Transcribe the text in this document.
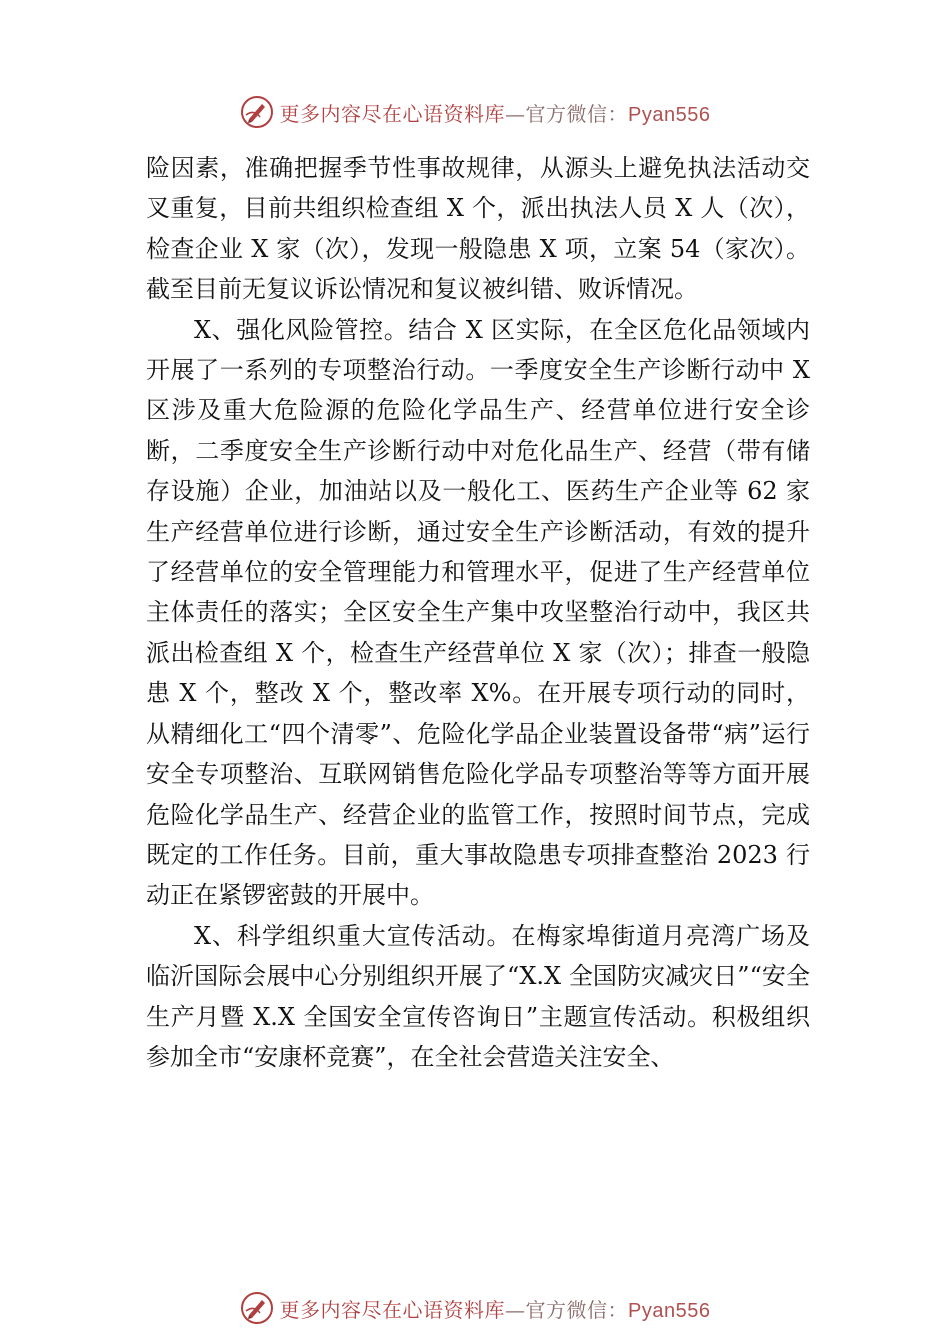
更多内容尽在心语资料库—官方微信：Pyan556

险因素，准确把握季节性事故规律，从源头上避免执法活动交叉重复，目前共组织检查组 X 个，派出执法人员 X 人（次），检查企业 X 家（次），发现一般隐患 X 项，立案 54（家次）。截至目前无复议诉讼情况和复议被纠错、败诉情况。

X、强化风险管控。结合 X 区实际，在全区危化品领域内开展了一系列的专项整治行动。一季度安全生产诊断行动中 X 区涉及重大危险源的危险化学品生产、经营单位进行安全诊断，二季度安全生产诊断行动中对危化品生产、经营（带有储存设施）企业，加油站以及一般化工、医药生产企业等 62 家生产经营单位进行诊断，通过安全生产诊断活动，有效的提升了经营单位的安全管理能力和管理水平，促进了生产经营单位主体责任的落实；全区安全生产集中攻坚整治行动中，我区共派出检查组 X 个，检查生产经营单位 X 家（次）；排查一般隐患 X 个，整改 X 个，整改率 X%。在开展专项行动的同时，从精细化工“四个清零”、危险化学品企业装置设备带“病”运行安全专项整治、互联网销售危险化学品专项整治等等方面开展危险化学品生产、经营企业的监管工作，按照时间节点，完成既定的工作任务。目前，重大事故隐患专项排查整治 2023 行动正在紧锣密鼓的开展中。

X、科学组织重大宣传活动。在梅家埠街道月亮湾广场及临沂国际会展中心分别组织开展了“X.X 全国防灾减灾日”“安全生产月暨 X.X 全国安全宣传咨询日”主题宣传活动。积极组织参加全市“安康杯竞赛”，在全社会营造关注安全、

更多内容尽在心语资料库—官方微信：Pyan556
